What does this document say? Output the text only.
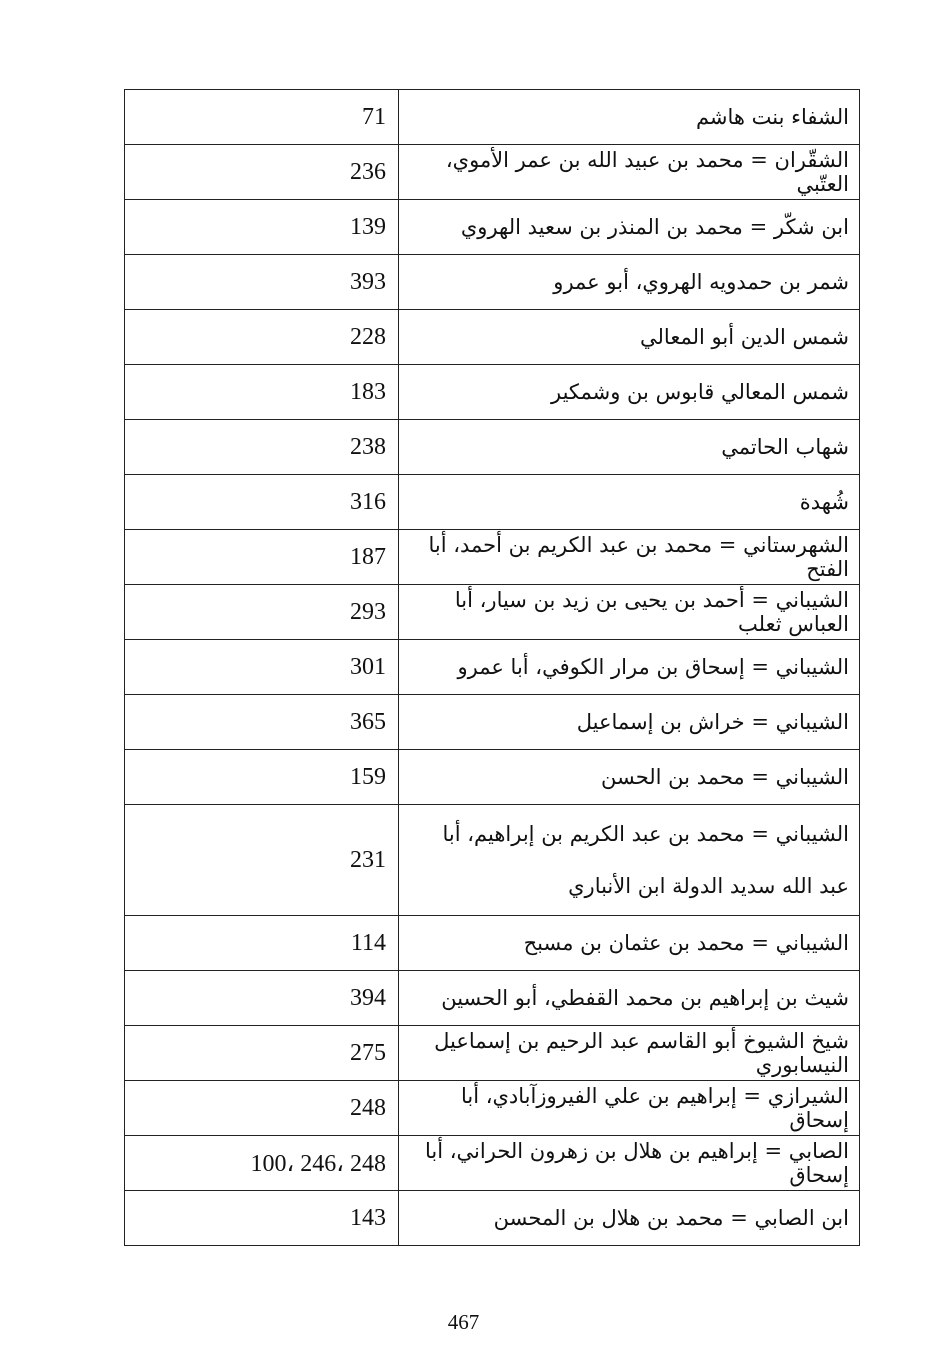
71	الشفاء بنت هاشم
236	الشقّران = محمد بن عبيد الله بن عمر الأموي، العتّبي
139	ابن شكّر = محمد بن المنذر بن سعيد الهروي
393	شمر بن حمدويه الهروي، أبو عمرو
228	شمس الدين أبو المعالي
183	شمس المعالي قابوس بن وشمكير
238	شهاب الحاتمي
316	شُهدة
187	الشهرستاني = محمد بن عبد الكريم بن أحمد، أبا الفتح
293	الشيباني = أحمد بن يحيى بن زيد بن سيار، أبا العباس ثعلب
301	الشيباني = إسحاق بن مرار الكوفي، أبا عمرو
365	الشيباني = خراش بن إسماعيل
159	الشيباني = محمد بن الحسن
231	الشيباني = محمد بن عبد الكريم بن إبراهيم، أبا عبد الله سديد الدولة ابن الأنباري
114	الشيباني = محمد بن عثمان بن مسبح
394	شيث بن إبراهيم بن محمد القفطي، أبو الحسين
275	شيخ الشيوخ أبو القاسم عبد الرحيم بن إسماعيل النيسابوري
248	الشيرازي = إبراهيم بن علي الفيروزآبادي، أبا إسحاق
100، 246، 248	الصابي = إبراهيم بن هلال بن زهرون الحراني، أبا إسحاق
143	ابن الصابي = محمد بن هلال بن المحسن
467
